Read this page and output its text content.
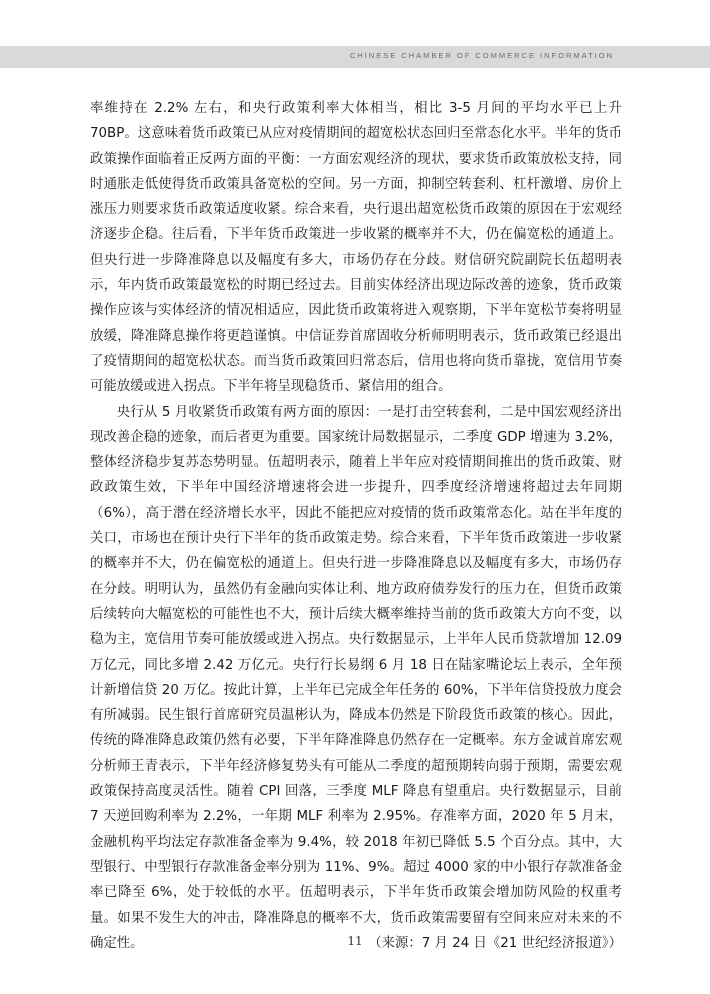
CHINESE CHAMBER OF COMMERCE INFORMATION

率维持在 2.2% 左右，和央行政策利率大体相当，相比 3-5 月间的平均水平已上升 70BP。这意味着货币政策已从应对疫情期间的超宽松状态回归至常态化水平。半年的货币政策操作面临着正反两方面的平衡：一方面宏观经济的现状，要求货币政策放松支持，同时通胀走低使得货币政策具备宽松的空间。另一方面，抑制空转套利、杠杆激增、房价上涨压力则要求货币政策适度收紧。综合来看，央行退出超宽松货币政策的原因在于宏观经济逐步企稳。往后看，下半年货币政策进一步收紧的概率并不大，仍在偏宽松的通道上。但央行进一步降准降息以及幅度有多大，市场仍存在分歧。财信研究院副院长伍超明表示，年内货币政策最宽松的时期已经过去。目前实体经济出现边际改善的迹象，货币政策操作应该与实体经济的情况相适应，因此货币政策将进入观察期，下半年宽松节奏将明显放缓，降准降息操作将更趋谨慎。中信证券首席固收分析师明明表示，货币政策已经退出了疫情期间的超宽松状态。而当货币政策回归常态后，信用也将向货币靠拢，宽信用节奏可能放缓或进入拐点。下半年将呈现稳货币、紧信用的组合。

央行从 5 月收紧货币政策有两方面的原因：一是打击空转套利，二是中国宏观经济出现改善企稳的迹象，而后者更为重要。国家统计局数据显示，二季度 GDP 增速为 3.2%，整体经济稳步复苏态势明显。伍超明表示，随着上半年应对疫情期间推出的货币政策、财政政策生效，下半年中国经济增速将会进一步提升，四季度经济增速将超过去年同期（6%），高于潜在经济增长水平，因此不能把应对疫情的货币政策常态化。站在半年度的关口，市场也在预计央行下半年的货币政策走势。综合来看，下半年货币政策进一步收紧的概率并不大，仍在偏宽松的通道上。但央行进一步降准降息以及幅度有多大，市场仍存在分歧。明明认为，虽然仍有金融向实体让利、地方政府债券发行的压力在，但货币政策后续转向大幅宽松的可能性也不大，预计后续大概率维持当前的货币政策大方向不变，以稳为主，宽信用节奏可能放缓或进入拐点。央行数据显示，上半年人民币贷款增加 12.09 万亿元，同比多增 2.42 万亿元。央行行长易纲 6 月 18 日在陆家嘴论坛上表示，全年预计新增信贷 20 万亿。按此计算，上半年已完成全年任务的 60%，下半年信贷投放力度会有所减弱。民生银行首席研究员温彬认为，降成本仍然是下阶段货币政策的核心。因此，传统的降准降息政策仍然有必要，下半年降准降息仍然存在一定概率。东方金诚首席宏观分析师王青表示，下半年经济修复势头有可能从二季度的超预期转向弱于预期，需要宏观政策保持高度灵活性。随着 CPI 回落，三季度 MLF 降息有望重启。央行数据显示，目前 7 天逆回购利率为 2.2%，一年期 MLF 利率为 2.95%。存准率方面，2020 年 5 月末，金融机构平均法定存款准备金率为 9.4%，较 2018 年初已降低 5.5 个百分点。其中，大型银行、中型银行存款准备金率分别为 11%、9%。超过 4000 家的中小银行存款准备金率已降至 6%，处于较低的水平。伍超明表示，下半年货币政策会增加防风险的权重考量。如果不发生大的冲击，降准降息的概率不大，货币政策需要留有空间来应对未来的不确定性。	（来源：7 月 24 日《21 世纪经济报道》）

11
